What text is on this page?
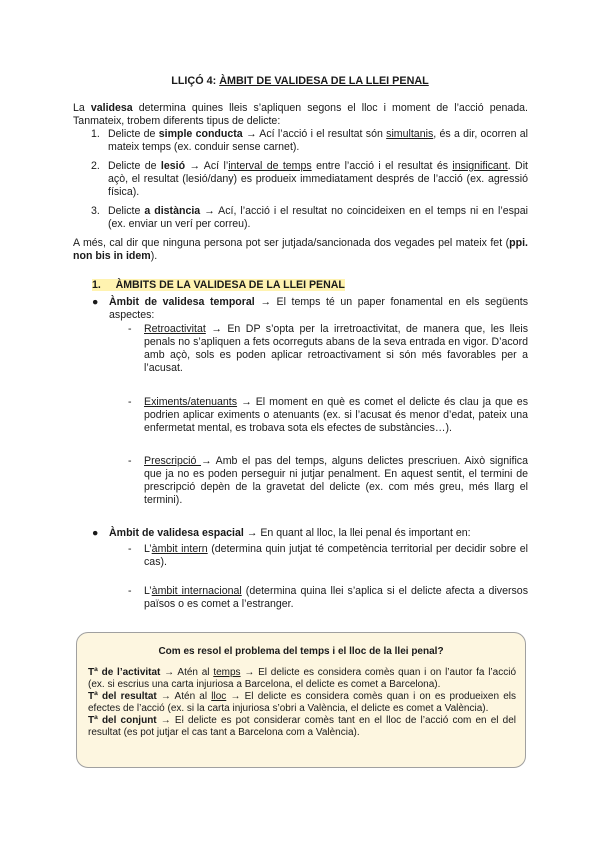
LLIÇÓ 4: ÀMBIT DE VALIDESA DE LA LLEI PENAL

La validesa determina quines lleis s’apliquen segons el lloc i moment de l’acció penada. Tanmateix, trobem diferents tipus de delicte:

1. Delicte de simple conducta → Ací l’acció i el resultat són simultanis, és a dir, ocorren al mateix temps (ex. conduir sense carnet).

2. Delicte de lesió → Ací l’interval de temps entre l’acció i el resultat és insignificant. Dit açò, el resultat (lesió/dany) es produeix immediatament després de l’acció (ex. agressió física).

3. Delicte a distància → Ací, l’acció i el resultat no coincideixen en el temps ni en l’espai (ex. enviar un verí per correu).

A més, cal dir que ninguna persona pot ser jutjada/sancionada dos vegades pel mateix fet (ppi. non bis in idem).

1. ÀMBITS DE LA VALIDESA DE LA LLEI PENAL
● Àmbit de validesa temporal → El temps té un paper fonamental en els següents aspectes:

- Retroactivitat → En DP s’opta per la irretroactivitat, de manera que, les lleis penals no s’apliquen a fets ocorreguts abans de la seva entrada en vigor. D’acord amb açò, sols es poden aplicar retroactivament si són més favorables per a l’acusat.

- Eximents/atenuants → El moment en què es comet el delicte és clau ja que es podrien aplicar eximents o atenuants (ex. si l’acusat és menor d’edat, pateix una enfermetat mental, es trobava sota els efectes de substàncies…).

- Prescripció → Amb el pas del temps, alguns delictes prescriuen. Això significa que ja no es poden perseguir ni jutjar penalment. En aquest sentit, el termini de prescripció depèn de la gravetat del delicte (ex. com més greu, més llarg el termini).

● Àmbit de validesa espacial → En quant al lloc, la llei penal és important en:

- L’àmbit intern (determina quin jutjat té competència territorial per decidir sobre el cas).

- L’àmbit internacional (determina quina llei s’aplica si el delicte afecta a diversos països o es comet a l’estranger.

Com es resol el problema del temps i el lloc de la llei penal?

Tª de l’activitat → Atén al temps → El delicte es considera comès quan i on l’autor fa l’acció (ex. si escrius una carta injuriosa a Barcelona, el delicte es comet a Barcelona).

Tª del resultat → Atén al lloc → El delicte es considera comès quan i on es produeixen els efectes de l’acció (ex. si la carta injuriosa s’obri a València, el delicte es comet a València).

Tª del conjunt → El delicte es pot considerar comès tant en el lloc de l’acció com en el del resultat (es pot jutjar el cas tant a Barcelona com a València).
